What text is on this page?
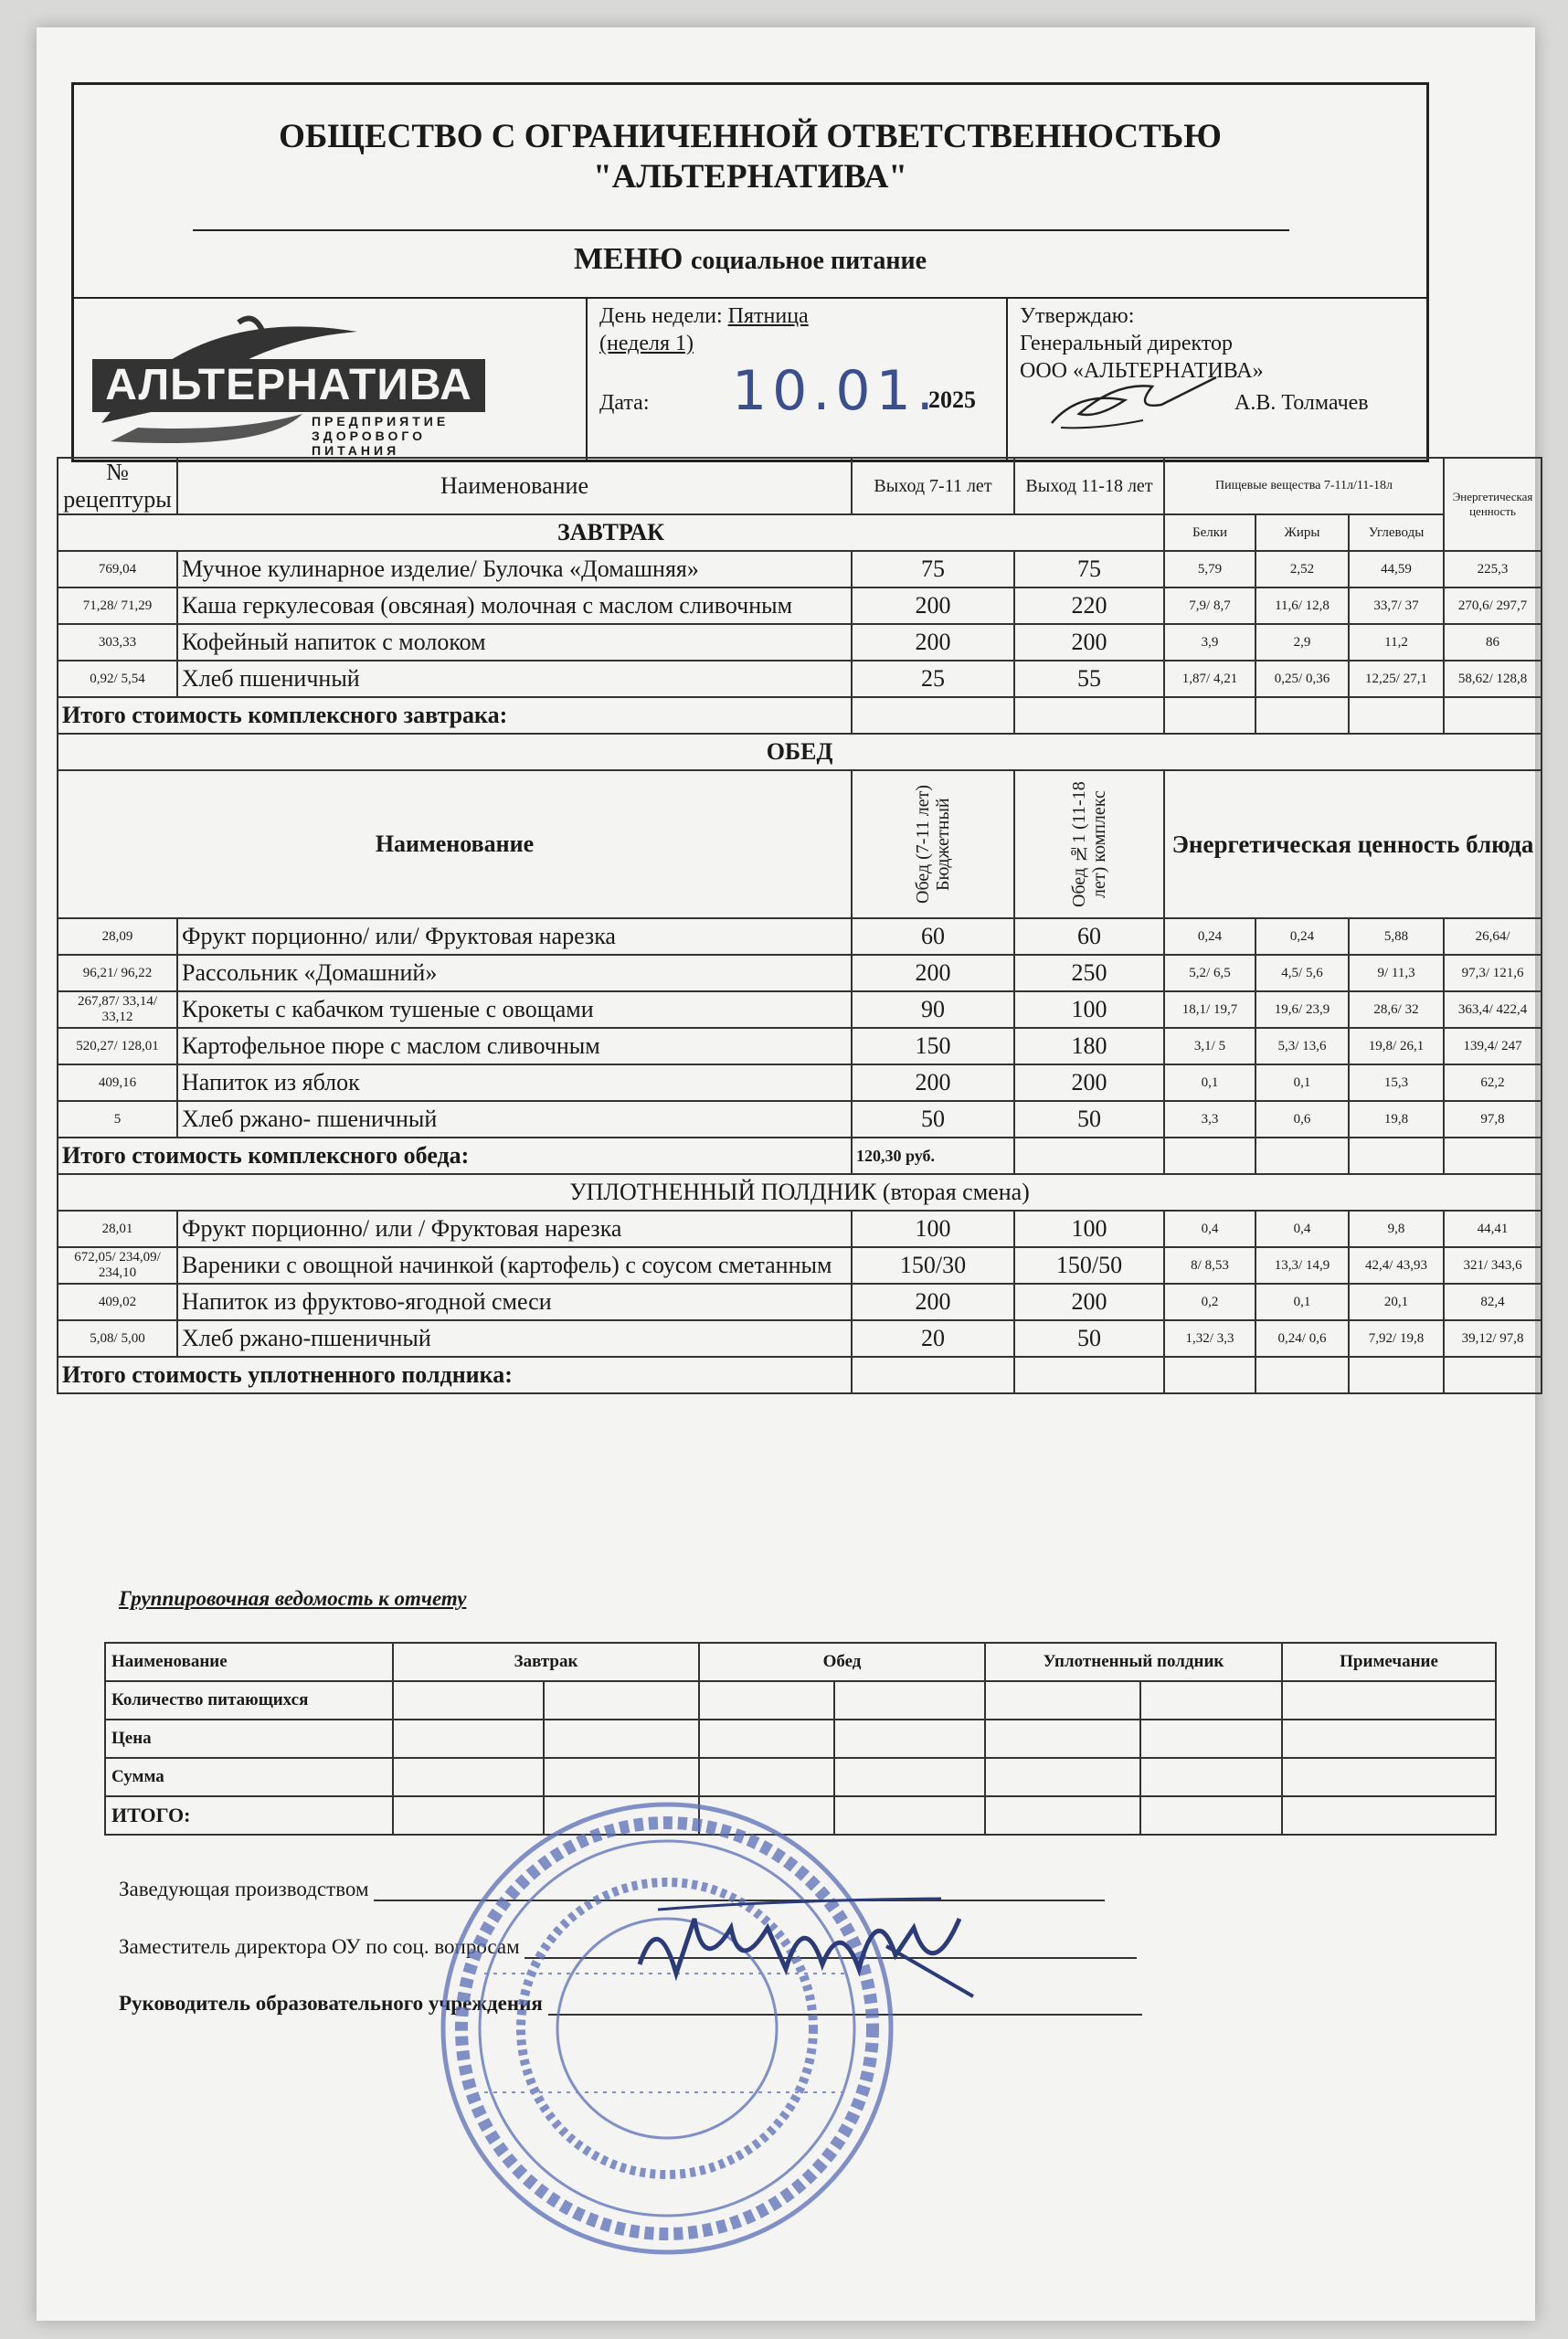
ОБЩЕСТВО С ОГРАНИЧЕННОЙ ОТВЕТСТВЕННОСТЬЮ
"АЛЬТЕРНАТИВА"
МЕНЮ социальное питание
АЛЬТЕРНАТИВА
ПРЕДПРИЯТИЕ
ЗДОРОВОГО
ПИТАНИЯ
День недели: Пятница
(неделя 1)
Дата: 10.01.
2025
Утверждаю:
Генеральный директор
ООО «АЛЬТЕРНАТИВА»
А.В. Толмачев
№ рецептуры	Наименование	Выход 7-11 лет	Выход 11-18 лет	Пищевые вещества 7-11л/11-18л			Энергетическая ценность
ЗАВТРАК				Белки	Жиры	Углеводы	
769,04	Мучное кулинарное изделие/ Булочка «Домашняя»	75	75	5,79	2,52	44,59	225,3
71,28/ 71,29	Каша геркулесовая (овсяная) молочная с маслом сливочным	200	220	7,9/ 8,7	11,6/ 12,8	33,7/ 37	270,6/ 297,7
303,33	Кофейный напиток с молоком	200	200	3,9	2,9	11,2	86
0,92/ 5,54	Хлеб пшеничный	25	55	1,87/ 4,21	0,25/ 0,36	12,25/ 27,1	58,62/ 128,8
Итого стоимость комплексного завтрака:							
ОБЕД							
Наименование		Обед (7-11 лет) Бюджетный	Обед №1 (11-18 лет) комплекс	Энергетическая ценность блюда			
28,09	Фрукт порционно/ или/ Фруктовая нарезка	60	60	0,24	0,24	5,88	26,64/
96,21/ 96,22	Рассольник «Домашний»	200	250	5,2/ 6,5	4,5/ 5,6	9/ 11,3	97,3/ 121,6
267,87/ 33,14/ 33,12	Крокеты с кабачком тушеные с овощами	90	100	18,1/ 19,7	19,6/ 23,9	28,6/ 32	363,4/ 422,4
520,27/ 128,01	Картофельное пюре с маслом сливочным	150	180	3,1/ 5	5,3/ 13,6	19,8/ 26,1	139,4/ 247
409,16	Напиток из яблок	200	200	0,1	0,1	15,3	62,2
5	Хлеб ржано- пшеничный	50	50	3,3	0,6	19,8	97,8
Итого стоимость комплексного обеда:		120,30 руб.					
УПЛОТНЕННЫЙ ПОЛДНИК (вторая смена)							
28,01	Фрукт порционно/ или / Фруктовая нарезка	100	100	0,4	0,4	9,8	44,41
672,05/ 234,09/ 234,10	Вареники с овощной начинкой (картофель) с соусом сметанным	150/30	150/50	8/ 8,53	13,3/ 14,9	42,4/ 43,93	321/ 343,6
409,02	Напиток из фруктово-ягодной смеси	200	200	0,2	0,1	20,1	82,4
5,08/ 5,00	Хлеб ржано-пшеничный	20	50	1,32/ 3,3	0,24/ 0,6	7,92/ 19,8	39,12/ 97,8
Итого стоимость уплотненного полдника:							
Группировочная ведомость к отчету
Наименование	Завтрак		Обед		Уплотненный полдник		Примечание
Количество питающихся							
Цена							
Сумма							
ИТОГО:							
Заведующая производством
Заместитель директора ОУ по соц. вопросам
Руководитель образовательного учреждения
